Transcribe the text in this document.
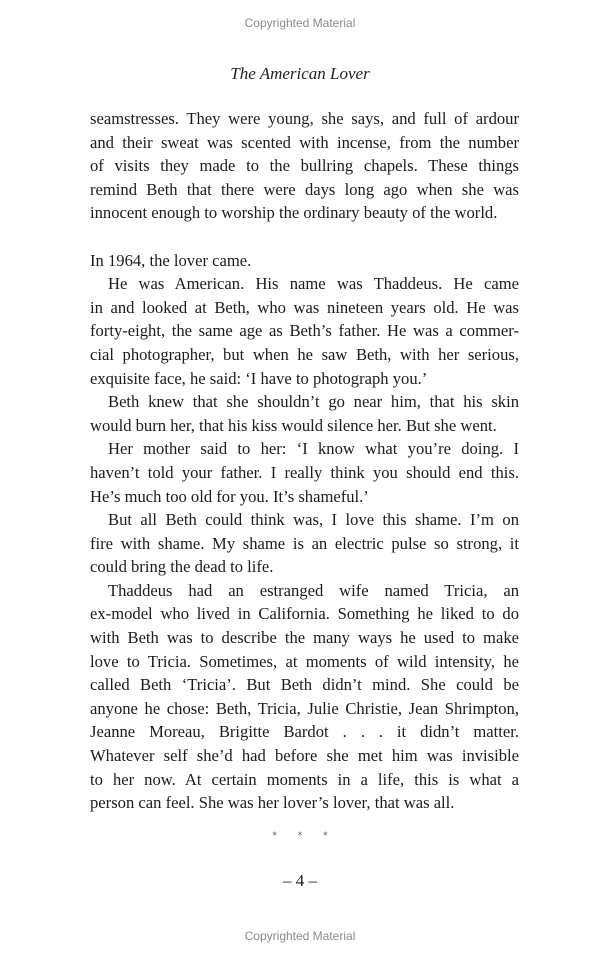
Copyrighted Material
The American Lover
seamstresses. They were young, she says, and full of ardour
and their sweat was scented with incense, from the number
of visits they made to the bullring chapels. These things
remind Beth that there were days long ago when she was
innocent enough to worship the ordinary beauty of the world.
In 1964, the lover came.
He was American. His name was Thaddeus. He came
in and looked at Beth, who was nineteen years old. He was
forty-eight, the same age as Beth’s father. He was a commer-
cial photographer, but when he saw Beth, with her serious,
exquisite face, he said: ‘I have to photograph you.’
Beth knew that she shouldn’t go near him, that his skin
would burn her, that his kiss would silence her. But she went.
Her mother said to her: ‘I know what you’re doing. I
haven’t told your father. I really think you should end this.
He’s much too old for you. It’s shameful.’
But all Beth could think was, I love this shame. I’m on
fire with shame. My shame is an electric pulse so strong, it
could bring the dead to life.
Thaddeus had an estranged wife named Tricia, an
ex-model who lived in California. Something he liked to do
with Beth was to describe the many ways he used to make
love to Tricia. Sometimes, at moments of wild intensity, he
called Beth ‘Tricia’. But Beth didn’t mind. She could be
anyone he chose: Beth, Tricia, Julie Christie, Jean Shrimpton,
Jeanne Moreau, Brigitte Bardot . . . it didn’t matter.
Whatever self she’d had before she met him was invisible
to her now. At certain moments in a life, this is what a
person can feel. She was her lover’s lover, that was all.
* * *
– 4 –
Copyrighted Material
